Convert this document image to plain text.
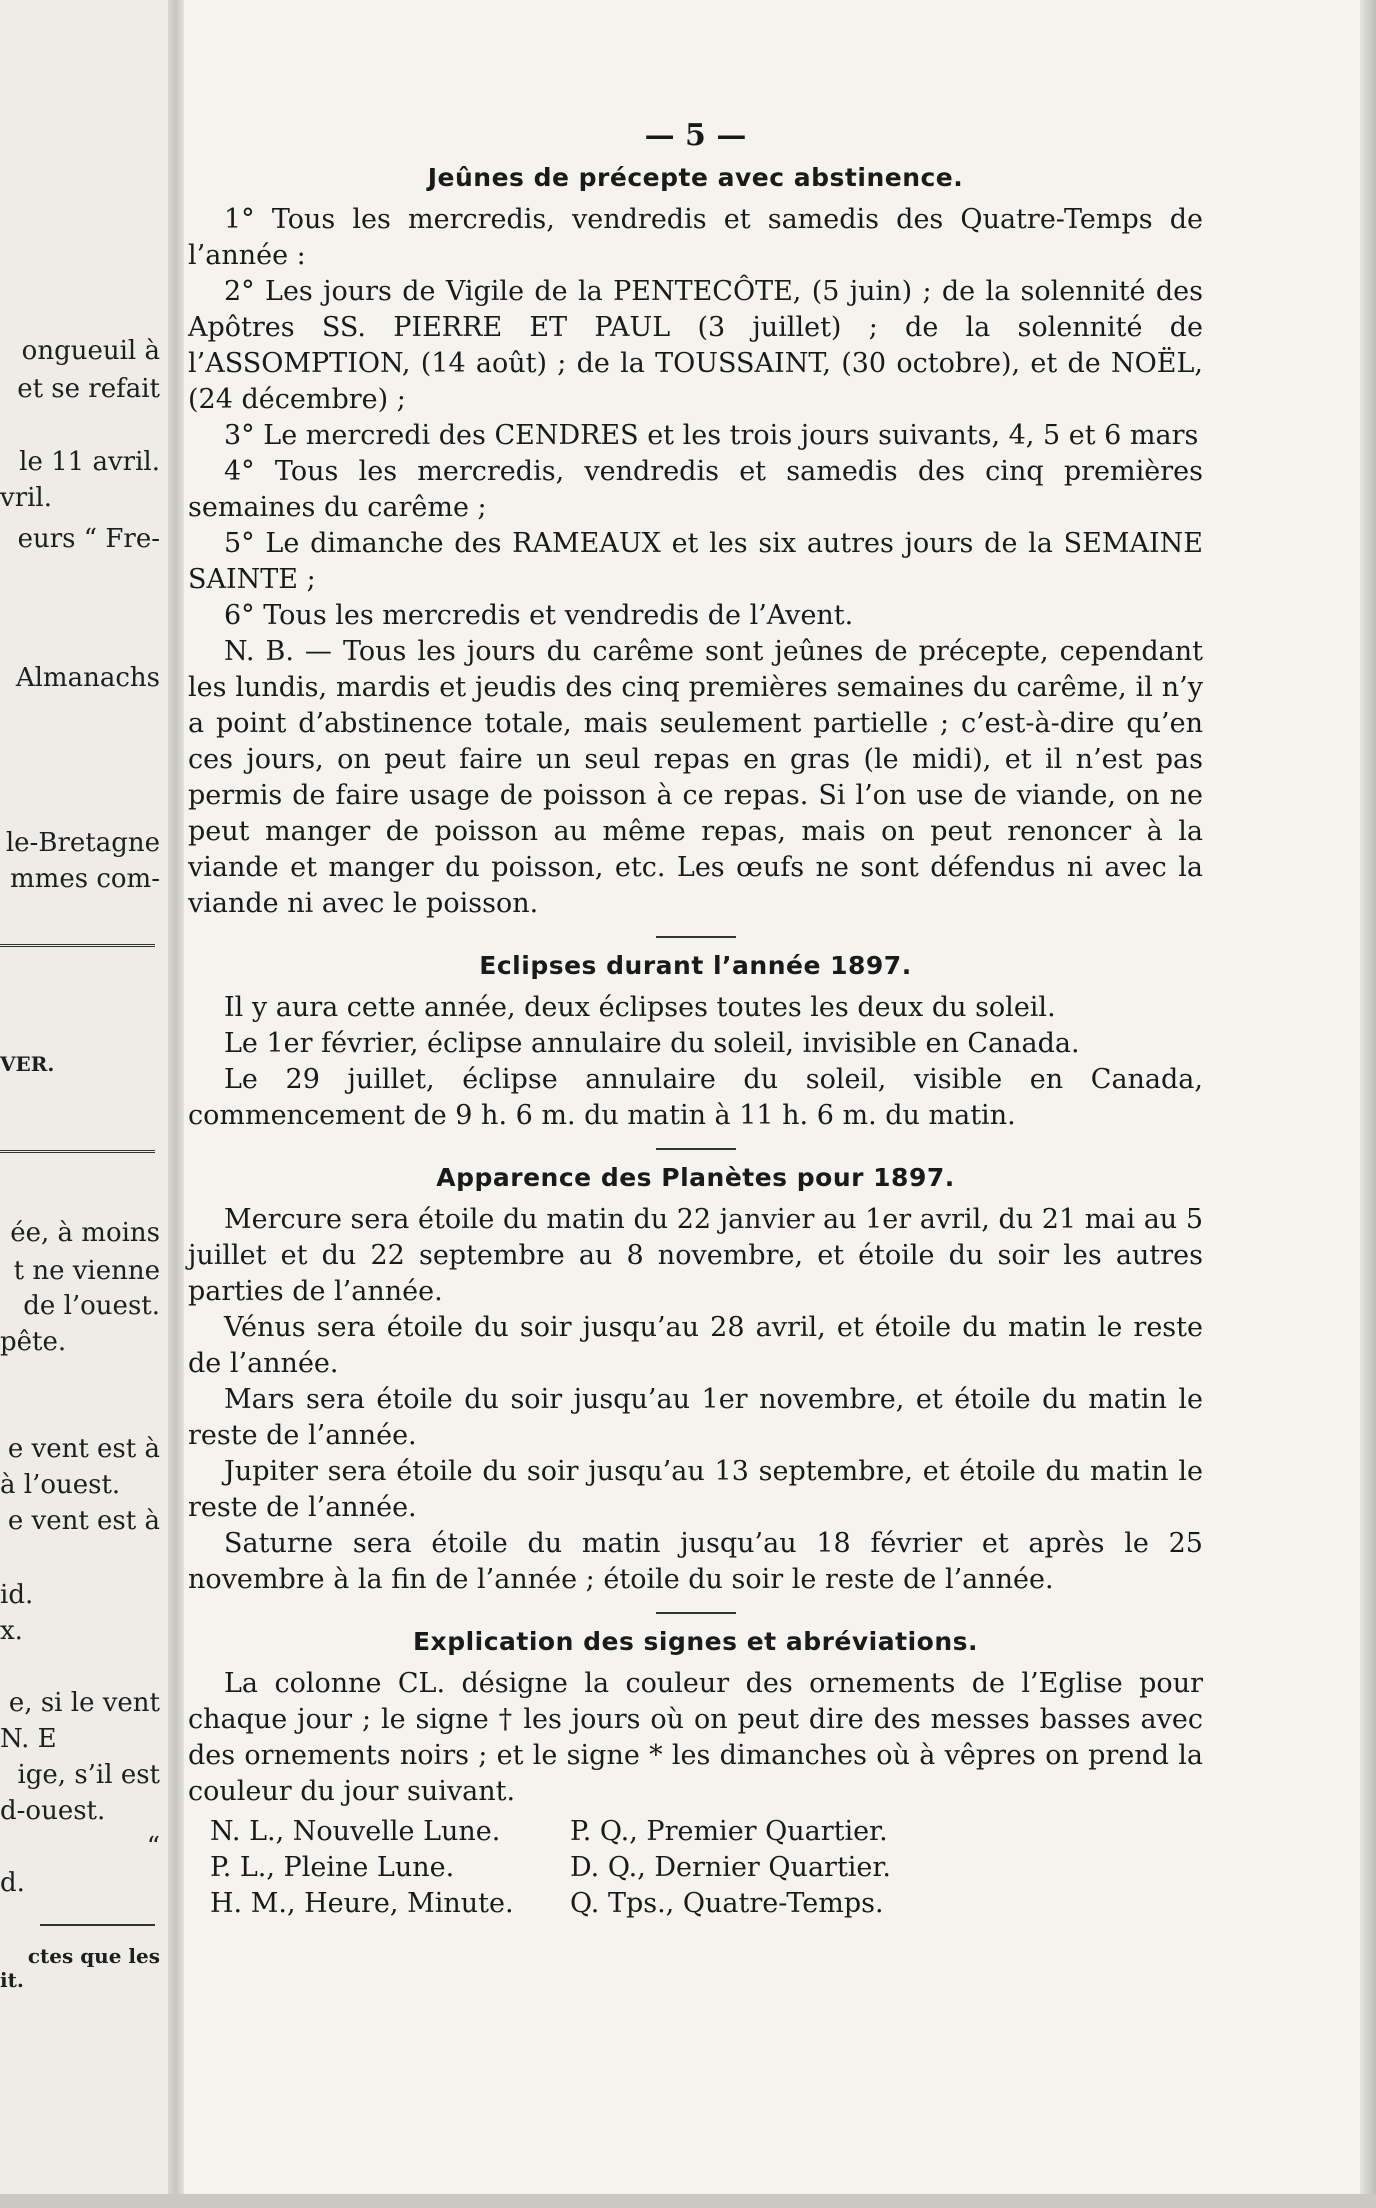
ongueuil à
et se refait
le 11 avril.
vril.
eurs “ Fre-
Almanachs
le-Bretagne
mmes com-
VER.
ée, à moins
t ne vienne
de l’ouest.
pête.
e vent est à
à l’ouest.
e vent est à
id.
x.
e, si le vent
N. E
ige, s’il est
d-ouest.
“
d.
ctes que les
it.
— 5 —
Jeûnes de précepte avec abstinence.

1° Tous les mercredis, vendredis et samedis des Quatre-Temps de l’année :

2° Les jours de Vigile de la PENTECÔTE, (5 juin) ; de la solennité des Apôtres SS. PIERRE ET PAUL (3 juillet) ; de la solennité de l’ASSOMPTION, (14 août) ; de la TOUSSAINT, (30 octobre), et de NOËL, (24 décembre) ;

3° Le mercredi des CENDRES et les trois jours suivants, 4, 5 et 6 mars

4° Tous les mercredis, vendredis et samedis des cinq premières semaines du carême ;

5° Le dimanche des RAMEAUX et les six autres jours de la SEMAINE SAINTE ;

6° Tous les mercredis et vendredis de l’Avent.

N. B. — Tous les jours du carême sont jeûnes de précepte, cependant les lundis, mardis et jeudis des cinq premières semaines du carême, il n’y a point d’abstinence totale, mais seulement partielle ; c’est-à-dire qu’en ces jours, on peut faire un seul repas en gras (le midi), et il n’est pas permis de faire usage de poisson à ce repas. Si l’on use de viande, on ne peut manger de poisson au même repas, mais on peut renoncer à la viande et manger du poisson, etc. Les œufs ne sont défendus ni avec la viande ni avec le poisson.

Eclipses durant l’année 1897.

Il y aura cette année, deux éclipses toutes les deux du soleil.

Le 1er février, éclipse annulaire du soleil, invisible en Canada.

Le 29 juillet, éclipse annulaire du soleil, visible en Canada, commencement de 9 h. 6 m. du matin à 11 h. 6 m. du matin.

Apparence des Planètes pour 1897.

Mercure sera étoile du matin du 22 janvier au 1er avril, du 21 mai au 5 juillet et du 22 septembre au 8 novembre, et étoile du soir les autres parties de l’année.

Vénus sera étoile du soir jusqu’au 28 avril, et étoile du matin le reste de l’année.

Mars sera étoile du soir jusqu’au 1er novembre, et étoile du matin le reste de l’année.

Jupiter sera étoile du soir jusqu’au 13 septembre, et étoile du matin le reste de l’année.

Saturne sera étoile du matin jusqu’au 18 février et après le 25 novembre à la fin de l’année ; étoile du soir le reste de l’année.

Explication des signes et abréviations.

La colonne CL. désigne la couleur des ornements de l’Eglise pour chaque jour ; le signe † les jours où on peut dire des messes basses avec des ornements noirs ; et le signe * les dimanches où à vêpres on prend la couleur du jour suivant.

N. L., Nouvelle Lune.	P. Q., Premier Quartier.
P. L., Pleine Lune.	D. Q., Dernier Quartier.
H. M., Heure, Minute.	Q. Tps., Quatre-Temps.
